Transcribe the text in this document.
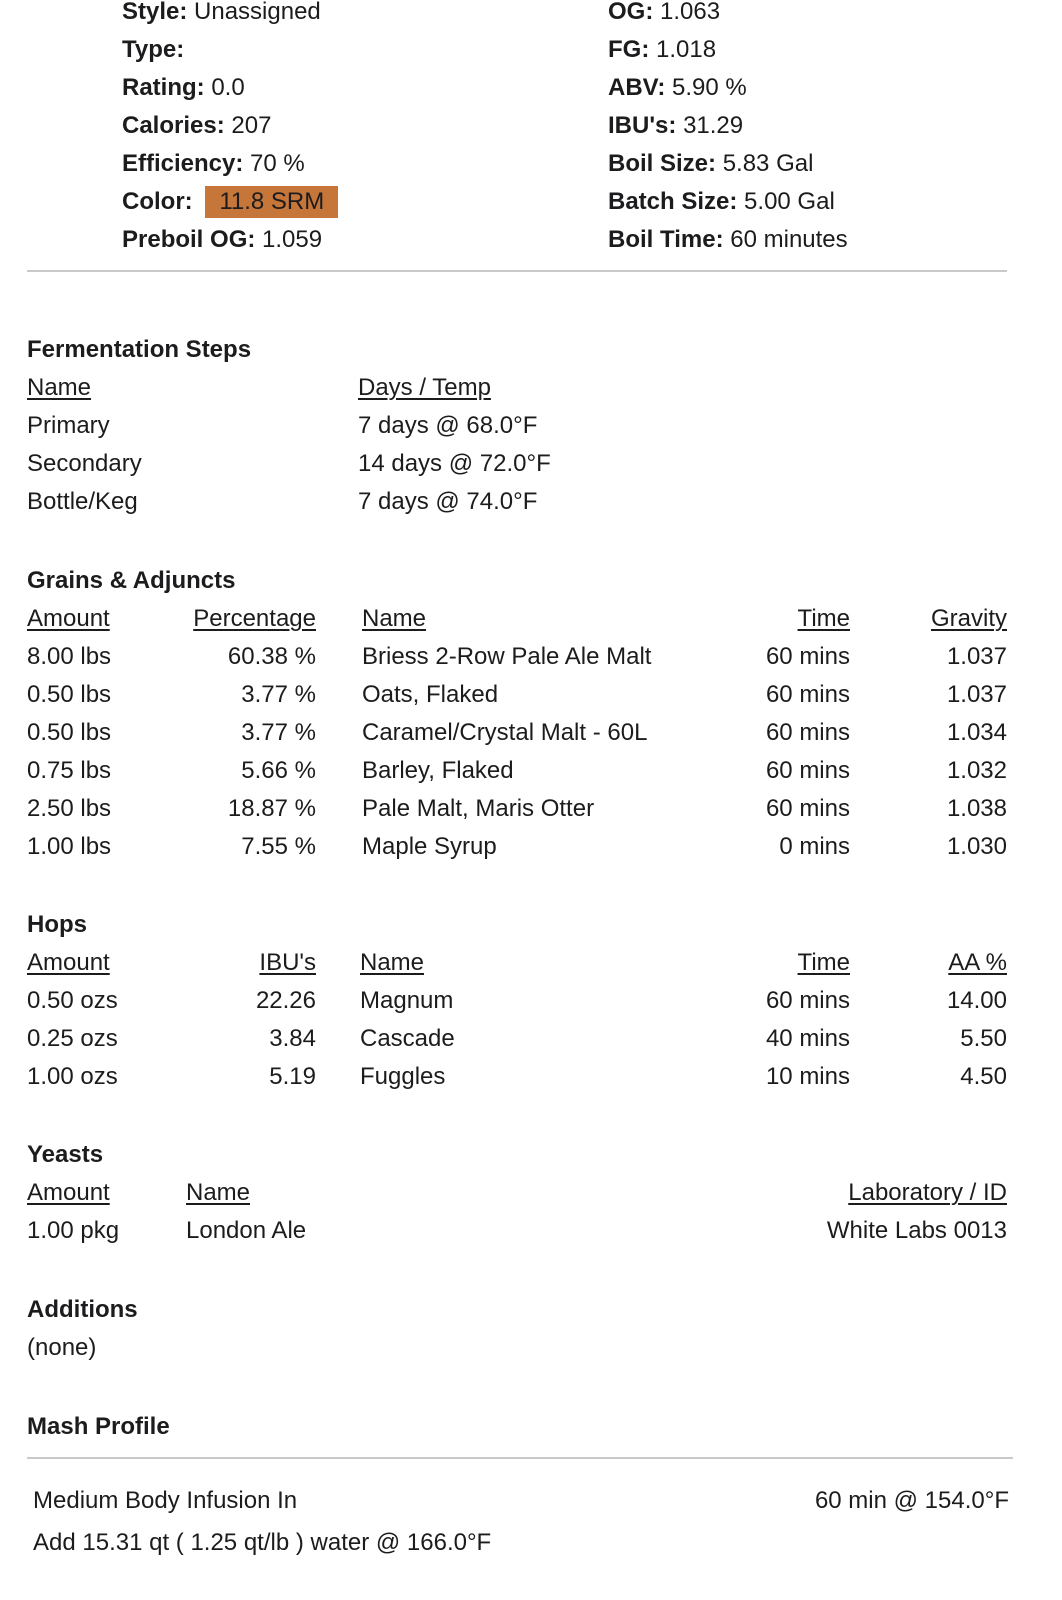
Style: Unassigned
Type:
Rating: 0.0
Calories: 207
Efficiency: 70 %
Color: 11.8 SRM
Preboil OG: 1.059
OG: 1.063
FG: 1.018
ABV: 5.90 %
IBU's: 31.29
Boil Size: 5.83 Gal
Batch Size: 5.00 Gal
Boil Time: 60 minutes
Fermentation Steps
Name	Days / Temp
Primary	7 days @ 68.0°F
Secondary	14 days @ 72.0°F
Bottle/Keg	7 days @ 74.0°F
Grains & Adjuncts
Amount	Percentage Name	Time	Gravity
8.00 lbs	60.38 % Briess 2-Row Pale Ale Malt	60 mins	1.037
0.50 lbs	3.77 % Oats, Flaked	60 mins	1.037
0.50 lbs	3.77 % Caramel/Crystal Malt - 60L	60 mins	1.034
0.75 lbs	5.66 % Barley, Flaked	60 mins	1.032
2.50 lbs	18.87 % Pale Malt, Maris Otter	60 mins	1.038
1.00 lbs	7.55 % Maple Syrup	0 mins	1.030
Hops
Amount	IBU's Name	Time	AA %
0.50 ozs	22.26 Magnum	60 mins	14.00
0.25 ozs	3.84 Cascade	40 mins	5.50
1.00 ozs	5.19 Fuggles	10 mins	4.50
Yeasts
Amount	Name	Laboratory / ID
1.00 pkg	London Ale	White Labs 0013
Additions
(none)
Mash Profile
Medium Body Infusion In	60 min @ 154.0°F
Add 15.31 qt ( 1.25 qt/lb ) water @ 166.0°F
